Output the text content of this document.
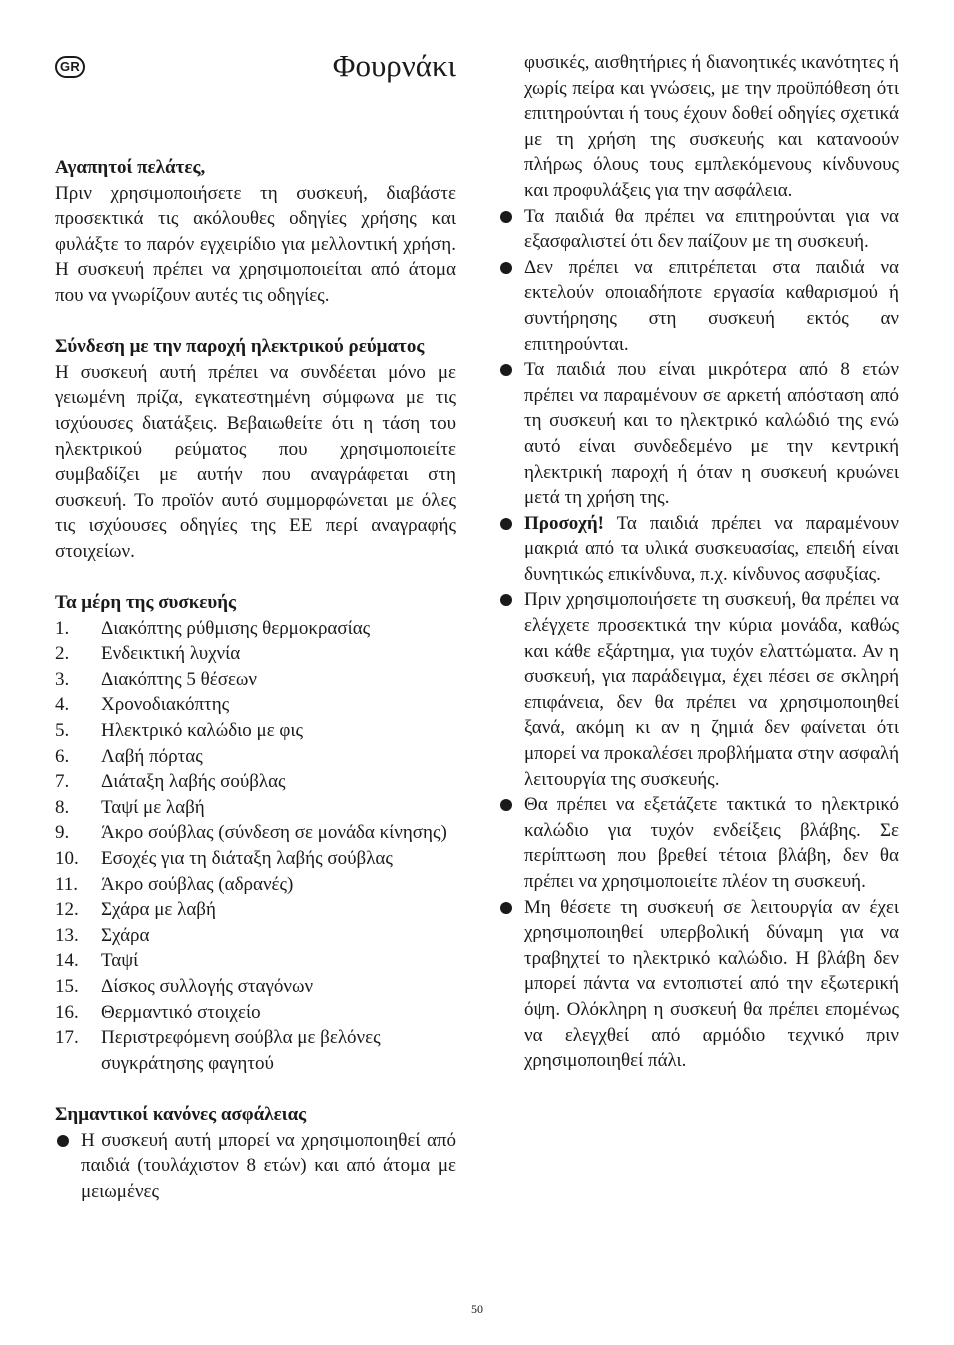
GR	Φουρνάκι
Αγαπητοί πελάτες,

Πριν χρησιμοποιήσετε τη συσκευή, διαβάστε προσεκτικά τις ακόλουθες οδηγίες χρήσης και φυλάξτε το παρόν εγχειρίδιο για μελλοντική χρήση. Η συσκευή πρέπει να χρησιμοποιείται από άτομα που να γνωρίζουν αυτές τις οδηγίες.

Σύνδεση με την παροχή ηλεκτρικού ρεύματος

Η συσκευή αυτή πρέπει να συνδέεται μόνο με γειωμένη πρίζα, εγκατεστημένη σύμφωνα με τις ισχύουσες διατάξεις. Βεβαιωθείτε ότι η τάση του ηλεκτρικού ρεύματος που χρησιμοποιείτε συμβαδίζει με αυτήν που αναγράφεται στη συσκευή. Το προϊόν αυτό συμμορφώνεται με όλες τις ισχύουσες οδηγίες της ΕΕ περί αναγραφής στοιχείων.

Τα μέρη της συσκευής
1.	Διακόπτης ρύθμισης θερμοκρασίας
2.	Ενδεικτική λυχνία
3.	Διακόπτης 5 θέσεων
4.	Χρονοδιακόπτης
5.	Ηλεκτρικό καλώδιο με φις
6.	Λαβή πόρτας
7.	Διάταξη λαβής σούβλας
8.	Ταψί με λαβή
9.	Άκρο σούβλας (σύνδεση σε μονάδα κίνησης)
10.	Εσοχές για τη διάταξη λαβής σούβλας
11.	Άκρο σούβλας (αδρανές)
12.	Σχάρα με λαβή
13.	Σχάρα
14.	Ταψί
15.	Δίσκος συλλογής σταγόνων
16.	Θερμαντικό στοιχείο
17.	Περιστρεφόμενη σούβλα με βελόνες συγκράτησης φαγητού
Σημαντικοί κανόνες ασφάλειας
Η συσκευή αυτή μπορεί να χρησιμοποιηθεί από παιδιά (τουλάχιστον 8 ετών) και από άτομα με μειωμένες
φυσικές, αισθητήριες ή διανοητικές ικανότητες ή χωρίς πείρα και γνώσεις, με την προϋπόθεση ότι επιτηρούνται ή τους έχουν δοθεί οδηγίες σχετικά με τη χρήση της συσκευής και κατανοούν πλήρως όλους τους εμπλεκόμενους κίνδυνους και προφυλάξεις για την ασφάλεια.
Τα παιδιά θα πρέπει να επιτηρούνται για να εξασφαλιστεί ότι δεν παίζουν με τη συσκευή.
Δεν πρέπει να επιτρέπεται στα παιδιά να εκτελούν οποιαδήποτε εργασία καθαρισμού ή συντήρησης στη συσκευή εκτός αν επιτηρούνται.
Τα παιδιά που είναι μικρότερα από 8 ετών πρέπει να παραμένουν σε αρκετή απόσταση από τη συσκευή και το ηλεκτρικό καλώδιό της ενώ αυτό είναι συνδεδεμένο με την κεντρική ηλεκτρική παροχή ή όταν η συσκευή κρυώνει μετά τη χρήση της.
Προσοχή! Τα παιδιά πρέπει να παραμένουν μακριά από τα υλικά συσκευασίας, επειδή είναι δυνητικώς επικίνδυνα, π.χ. κίνδυνος ασφυξίας.
Πριν χρησιμοποιήσετε τη συσκευή, θα πρέπει να ελέγχετε προσεκτικά την κύρια μονάδα, καθώς και κάθε εξάρτημα, για τυχόν ελαττώματα. Αν η συσκευή, για παράδειγμα, έχει πέσει σε σκληρή επιφάνεια, δεν θα πρέπει να χρησιμοποιηθεί ξανά, ακόμη κι αν η ζημιά δεν φαίνεται ότι μπορεί να προκαλέσει προβλήματα στην ασφαλή λειτουργία της συσκευής.
Θα πρέπει να εξετάζετε τακτικά το ηλεκτρικό καλώδιο για τυχόν ενδείξεις βλάβης. Σε περίπτωση που βρεθεί τέτοια βλάβη, δεν θα πρέπει να χρησιμοποιείτε πλέον τη συσκευή.
Μη θέσετε τη συσκευή σε λειτουργία αν έχει χρησιμοποιηθεί υπερβολική δύναμη για να τραβηχτεί το ηλεκτρικό καλώδιο. Η βλάβη δεν μπορεί πάντα να εντοπιστεί από την εξωτερική όψη. Ολόκληρη η συσκευή θα πρέπει επομένως να ελεγχθεί από αρμόδιο τεχνικό πριν χρησιμοποιηθεί πάλι.
50
